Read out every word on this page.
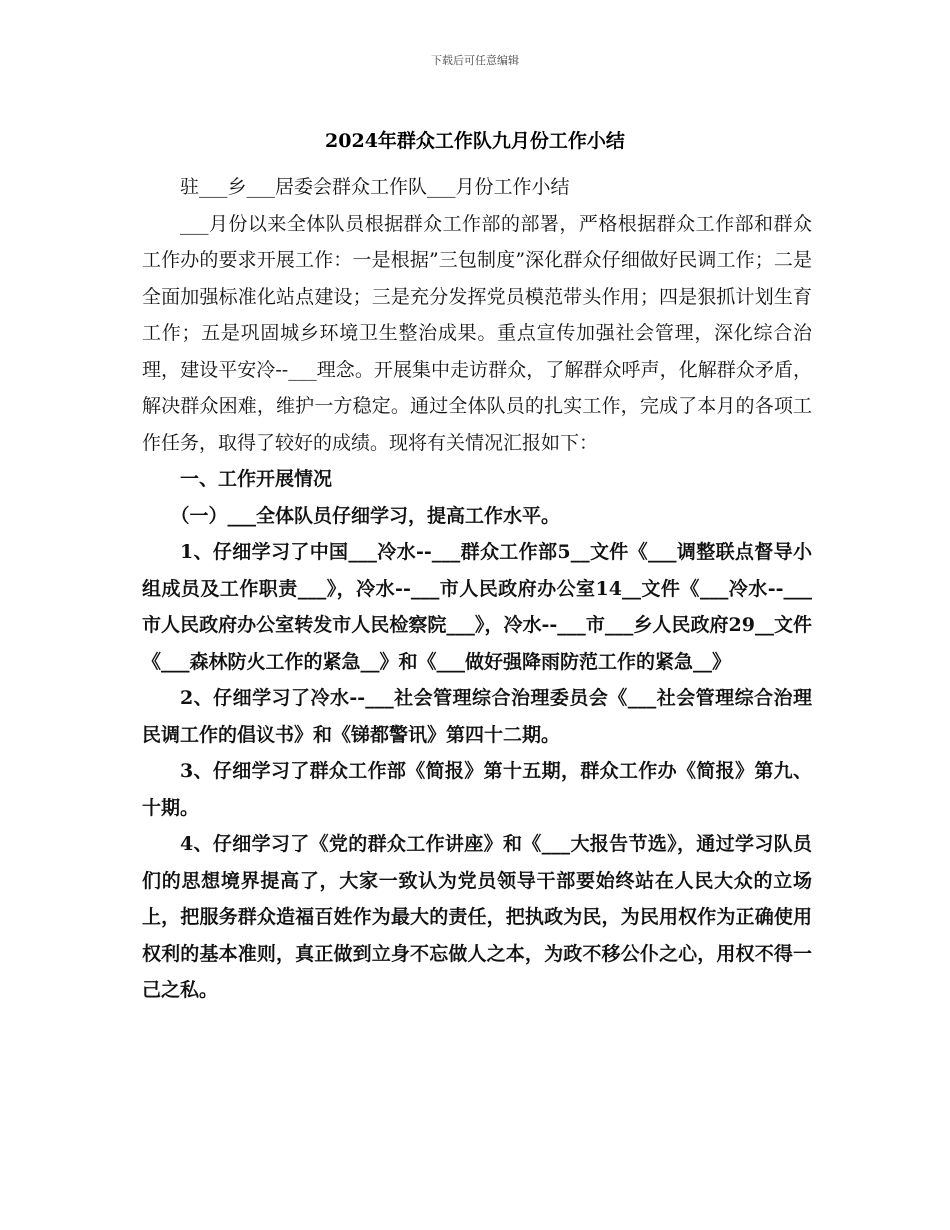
下载后可任意编辑
2024年群众工作队九月份工作小结

驻___乡___居委会群众工作队___月份工作小结

___月份以来全体队员根据群众工作部的部署，严格根据群众工作部和群众工作办的要求开展工作：一是根据”三包制度”深化群众仔细做好民调工作；二是全面加强标准化站点建设；三是充分发挥党员模范带头作用；四是狠抓计划生育工作；五是巩固城乡环境卫生整治成果。重点宣传加强社会管理，深化综合治理，建设平安冷--___理念。开展集中走访群众，了解群众呼声，化解群众矛盾，解决群众困难，维护一方稳定。通过全体队员的扎实工作，完成了本月的各项工作任务，取得了较好的成绩。现将有关情况汇报如下：

一、工作开展情况

（一）___全体队员仔细学习，提高工作水平。

1、仔细学习了中国___冷水--___群众工作部5__文件《___调整联点督导小组成员及工作职责___》，冷水--___市人民政府办公室14__文件《___冷水--___市人民政府办公室转发市人民检察院___》，冷水--___市___乡人民政府29__文件《___森林防火工作的紧急__》和《___做好强降雨防范工作的紧急__》

2、仔细学习了冷水--___社会管理综合治理委员会《___社会管理综合治理民调工作的倡议书》和《锑都警讯》第四十二期。

3、仔细学习了群众工作部《简报》第十五期，群众工作办《简报》第九、十期。

4、仔细学习了《党的群众工作讲座》和《___大报告节选》，通过学习队员们的思想境界提高了，大家一致认为党员领导干部要始终站在人民大众的立场上，把服务群众造福百姓作为最大的责任，把执政为民，为民用权作为正确使用权利的基本准则，真正做到立身不忘做人之本，为政不移公仆之心，用权不得一己之私。
